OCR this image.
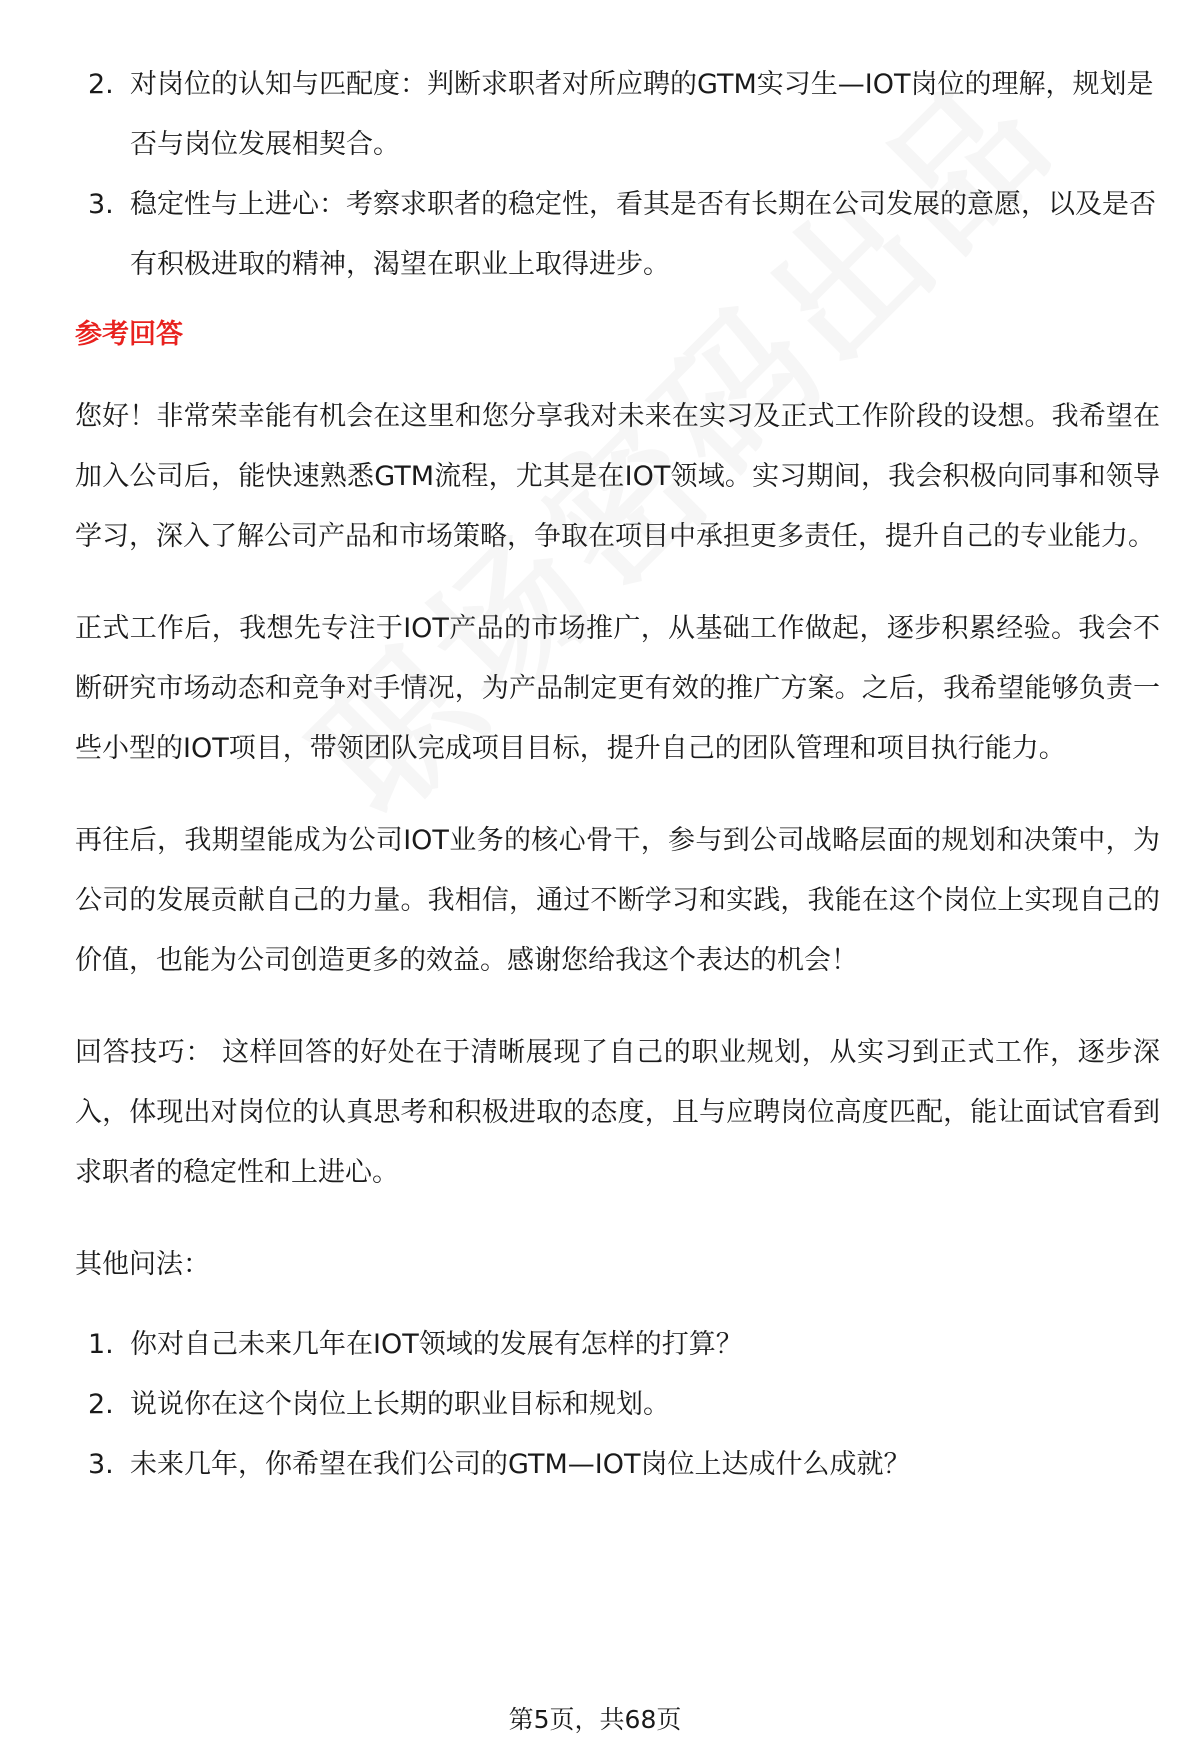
2. 对岗位的认知与匹配度：判断求职者对所应聘的GTM实习生—IOT岗位的理解，规划是否与岗位发展相契合。
3. 稳定性与上进心：考察求职者的稳定性，看其是否有长期在公司发展的意愿，以及是否有积极进取的精神，渴望在职业上取得进步。
参考回答

您好！非常荣幸能有机会在这里和您分享我对未来在实习及正式工作阶段的设想。我希望在加入公司后，能快速熟悉GTM流程，尤其是在IOT领域。实习期间，我会积极向同事和领导学习，深入了解公司产品和市场策略，争取在项目中承担更多责任，提升自己的专业能力。

正式工作后，我想先专注于IOT产品的市场推广，从基础工作做起，逐步积累经验。我会不断研究市场动态和竞争对手情况，为产品制定更有效的推广方案。之后，我希望能够负责一些小型的IOT项目，带领团队完成项目目标，提升自己的团队管理和项目执行能力。

再往后，我期望能成为公司IOT业务的核心骨干，参与到公司战略层面的规划和决策中，为公司的发展贡献自己的力量。我相信，通过不断学习和实践，我能在这个岗位上实现自己的价值，也能为公司创造更多的效益。感谢您给我这个表达的机会！

回答技巧： 这样回答的好处在于清晰展现了自己的职业规划，从实习到正式工作，逐步深入，体现出对岗位的认真思考和积极进取的态度，且与应聘岗位高度匹配，能让面试官看到求职者的稳定性和上进心。

其他问法：

1. 你对自己未来几年在IOT领域的发展有怎样的打算？
2. 说说你在这个岗位上长期的职业目标和规划。
3. 未来几年，你希望在我们公司的GTM—IOT岗位上达成什么成就？
第5页，共68页
